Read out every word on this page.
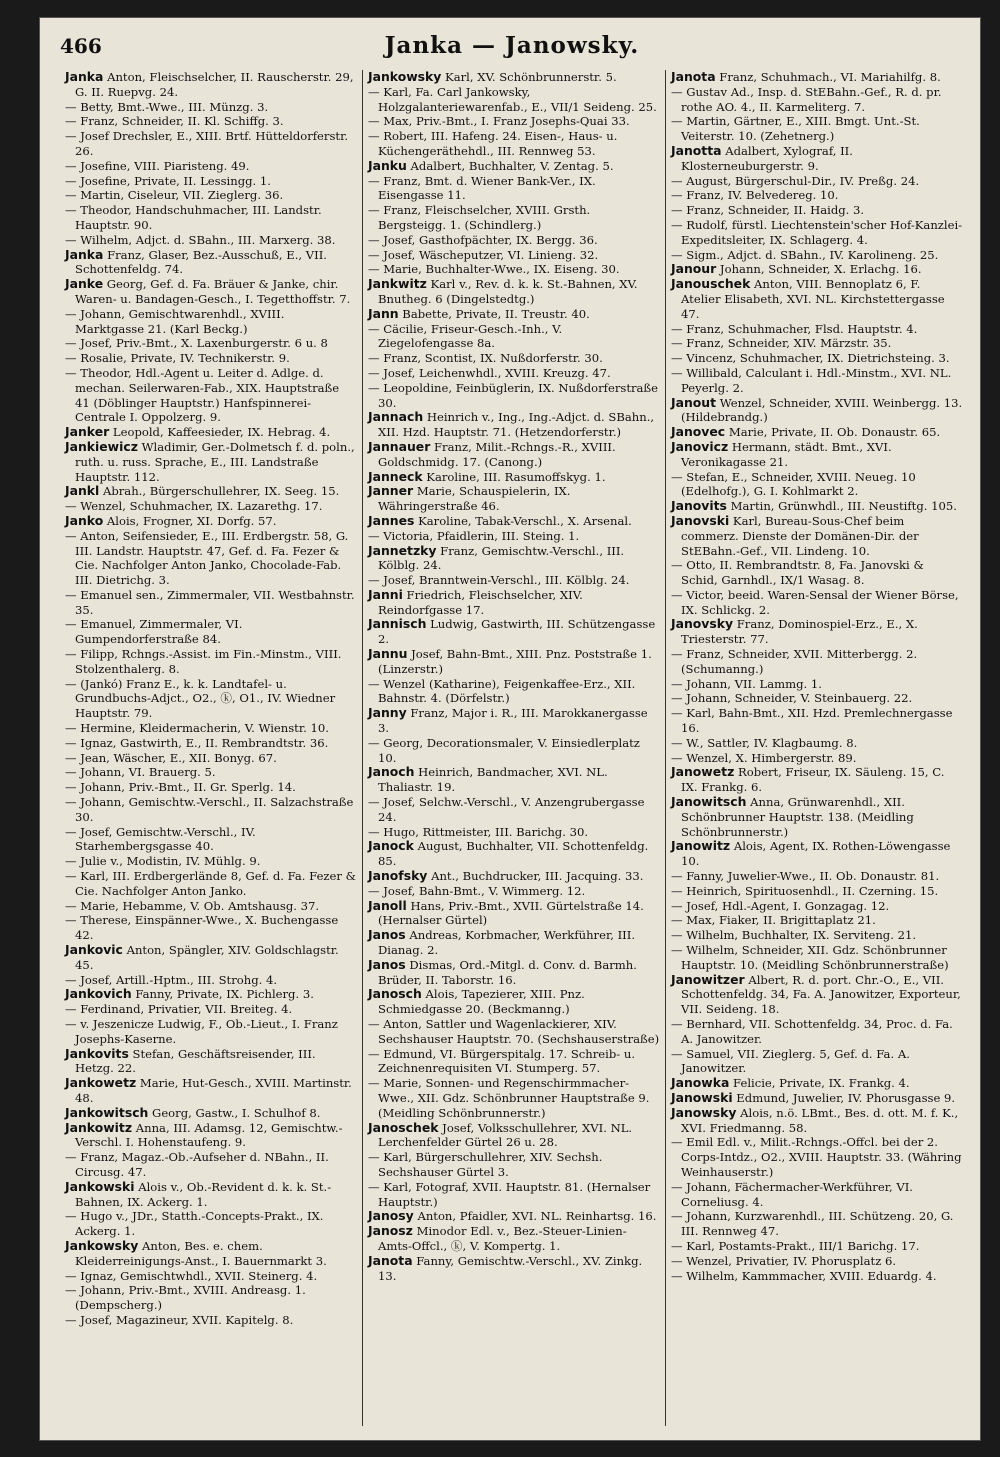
466	Janka — Janowsky.
Janka Anton, Fleischselcher, II. Rauscherstr. 29, G. II. Ruepvg. 24.
— Betty, Bmt.-Wwe., III. Münzg. 3.
— Franz, Schneider, II. Kl. Schiffg. 3.
— Josef Drechsler, E., XIII. Brtf. Hütteldorferstr. 26.
— Josefine, VIII. Piaristeng. 49.
— Josefine, Private, II. Lessingg. 1.
— Martin, Ciseleur, VII. Zieglerg. 36.
— Theodor, Handschuhmacher, III. Landstr. Hauptstr. 90.
— Wilhelm, Adjct. d. SBahn., III. Marxerg. 38.
Janka Franz, Glaser, Bez.-Ausschuß, E., VII. Schottenfeldg. 74.
Janke Georg, Gef. d. Fa. Bräuer & Janke, chir. Waren- u. Bandagen-Gesch., I. Tegetthoffstr. 7.
— Johann, Gemischtwarenhdl., XVIII. Marktgasse 21. (Karl Beckg.)
— Josef, Priv.-Bmt., X. Laxenburgerstr. 6 u. 8
— Rosalie, Private, IV. Technikerstr. 9.
— Theodor, Hdl.-Agent u. Leiter d. Adlge. d. mechan. Seilerwaren-Fab., XIX. Hauptstraße 41 (Döblinger Hauptstr.) Hanfspinnerei-Centrale I. Oppolzerg. 9.
Janker Leopold, Kaffeesieder, IX. Hebrag. 4.
Jankiewicz Wladimir, Ger.-Dolmetsch f. d. poln., ruth. u. russ. Sprache, E., III. Landstraße Hauptstr. 112.
Jankl Abrah., Bürgerschullehrer, IX. Seeg. 15.
— Wenzel, Schuhmacher, IX. Lazarethg. 17.
Janko Alois, Frogner, XI. Dorfg. 57.
— Anton, Seifensieder, E., III. Erdbergstr. 58, G. III. Landstr. Hauptstr. 47, Gef. d. Fa. Fezer & Cie. Nachfolger Anton Janko, Chocolade-Fab. III. Dietrichg. 3.
— Emanuel sen., Zimmermaler, VII. Westbahnstr. 35.
— Emanuel, Zimmermaler, VI. Gumpendorferstraße 84.
— Filipp, Rchngs.-Assist. im Fin.-Minstm., VIII. Stolzenthalerg. 8.
— (Jankó) Franz E., k. k. Landtafel- u. Grundbuchs-Adjct., O2., ⓚ, O1., IV. Wiedner Hauptstr. 79.
— Hermine, Kleidermacherin, V. Wienstr. 10.
— Ignaz, Gastwirth, E., II. Rembrandtstr. 36.
— Jean, Wäscher, E., XII. Bonyg. 67.
— Johann, VI. Brauerg. 5.
— Johann, Priv.-Bmt., II. Gr. Sperlg. 14.
— Johann, Gemischtw.-Verschl., II. Salzachstraße 30.
— Josef, Gemischtw.-Verschl., IV. Starhembergsgasse 40.
— Julie v., Modistin, IV. Mühlg. 9.
— Karl, III. Erdbergerlände 8, Gef. d. Fa. Fezer & Cie. Nachfolger Anton Janko.
— Marie, Hebamme, V. Ob. Amtshausg. 37.
— Therese, Einspänner-Wwe., X. Buchengasse 42.
Jankovic Anton, Spängler, XIV. Goldschlagstr. 45.
— Josef, Artill.-Hptm., III. Strohg. 4.
Jankovich Fanny, Private, IX. Pichlerg. 3.
— Ferdinand, Privatier, VII. Breiteg. 4.
— v. Jeszenicze Ludwig, F., Ob.-Lieut., I. Franz Josephs-Kaserne.
Jankovits Stefan, Geschäftsreisender, III. Hetzg. 22.
Jankowetz Marie, Hut-Gesch., XVIII. Martinstr. 48.
Jankowitsch Georg, Gastw., I. Schulhof 8.
Jankowitz Anna, III. Adamsg. 12, Gemischtw.-Verschl. I. Hohenstaufeng. 9.
— Franz, Magaz.-Ob.-Aufseher d. NBahn., II. Circusg. 47.
Jankowski Alois v., Ob.-Revident d. k. k. St.-Bahnen, IX. Ackerg. 1.
— Hugo v., JDr., Statth.-Concepts-Prakt., IX. Ackerg. 1.
Jankowsky Anton, Bes. e. chem. Kleiderreinigungs-Anst., I. Bauernmarkt 3.
— Ignaz, Gemischtwhdl., XVII. Steinerg. 4.
— Johann, Priv.-Bmt., XVIII. Andreasg. 1. (Dempscherg.)
— Josef, Magazineur, XVII. Kapitelg. 8.
Jankowsky Karl, XV. Schönbrunnerstr. 5.
— Karl, Fa. Carl Jankowsky, Holzgalanteriewarenfab., E., VII/1 Seideng. 25.
— Max, Priv.-Bmt., I. Franz Josephs-Quai 33.
— Robert, III. Hafeng. 24. Eisen-, Haus- u. Küchengeräthehdl., III. Rennweg 53.
Janku Adalbert, Buchhalter, V. Zentag. 5.
— Franz, Bmt. d. Wiener Bank-Ver., IX. Eisengasse 11.
— Franz, Fleischselcher, XVIII. Grsth. Bergsteigg. 1. (Schindlerg.)
— Josef, Gasthofpächter, IX. Bergg. 36.
— Josef, Wäscheputzer, VI. Linieng. 32.
— Marie, Buchhalter-Wwe., IX. Eiseng. 30.
Jankwitz Karl v., Rev. d. k. k. St.-Bahnen, XV. Bnutheg. 6 (Dingelstedtg.)
Jann Babette, Private, II. Treustr. 40.
— Cäcilie, Friseur-Gesch.-Inh., V. Ziegelofengasse 8a.
— Franz, Scontist, IX. Nußdorferstr. 30.
— Josef, Leichenwhdl., XVIII. Kreuzg. 47.
— Leopoldine, Feinbüglerin, IX. Nußdorferstraße 30.
Jannach Heinrich v., Ing., Ing.-Adjct. d. SBahn., XII. Hzd. Hauptstr. 71. (Hetzendorferstr.)
Jannauer Franz, Milit.-Rchngs.-R., XVIII. Goldschmidg. 17. (Canong.)
Janneck Karoline, III. Rasumoffskyg. 1.
Janner Marie, Schauspielerin, IX. Währingerstraße 46.
Jannes Karoline, Tabak-Verschl., X. Arsenal.
— Victoria, Pfaidlerin, III. Steing. 1.
Jannetzky Franz, Gemischtw.-Verschl., III. Kölblg. 24.
— Josef, Branntwein-Verschl., III. Kölblg. 24.
Janni Friedrich, Fleischselcher, XIV. Reindorfgasse 17.
Jannisch Ludwig, Gastwirth, III. Schützengasse 2.
Jannu Josef, Bahn-Bmt., XIII. Pnz. Poststraße 1. (Linzerstr.)
— Wenzel (Katharine), Feigenkaffee-Erz., XII. Bahnstr. 4. (Dörfelstr.)
Janny Franz, Major i. R., III. Marokkanergasse 3.
— Georg, Decorationsmaler, V. Einsiedlerplatz 10.
Janoch Heinrich, Bandmacher, XVI. NL. Thaliastr. 19.
— Josef, Selchw.-Verschl., V. Anzengrubergasse 24.
— Hugo, Rittmeister, III. Barichg. 30.
Janock August, Buchhalter, VII. Schottenfeldg. 85.
Janofsky Ant., Buchdrucker, III. Jacquing. 33.
— Josef, Bahn-Bmt., V. Wimmerg. 12.
Janoll Hans, Priv.-Bmt., XVII. Gürtelstraße 14. (Hernalser Gürtel)
Janos Andreas, Korbmacher, Werkführer, III. Dianag. 2.
Janos Dismas, Ord.-Mitgl. d. Conv. d. Barmh. Brüder, II. Taborstr. 16.
Janosch Alois, Tapezierer, XIII. Pnz. Schmiedgasse 20. (Beckmanng.)
— Anton, Sattler und Wagenlackierer, XIV. Sechshauser Hauptstr. 70. (Sechshauserstraße)
— Edmund, VI. Bürgerspitalg. 17. Schreib- u. Zeichnenrequisiten VI. Stumperg. 57.
— Marie, Sonnen- und Regenschirmmacher-Wwe., XII. Gdz. Schönbrunner Hauptstraße 9. (Meidling Schönbrunnerstr.)
Janoschek Josef, Volksschullehrer, XVI. NL. Lerchenfelder Gürtel 26 u. 28.
— Karl, Bürgerschullehrer, XIV. Sechsh. Sechshauser Gürtel 3.
— Karl, Fotograf, XVII. Hauptstr. 81. (Hernalser Hauptstr.)
Janosy Anton, Pfaidler, XVI. NL. Reinhartsg. 16.
Janosz Minodor Edl. v., Bez.-Steuer-Linien-Amts-Offcl., ⓚ, V. Kompertg. 1.
Janota Fanny, Gemischtw.-Verschl., XV. Zinkg. 13.
Janota Franz, Schuhmach., VI. Mariahilfg. 8.
— Gustav Ad., Insp. d. StEBahn.-Gef., R. d. pr. rothe AO. 4., II. Karmeliterg. 7.
— Martin, Gärtner, E., XIII. Bmgt. Unt.-St. Veiterstr. 10. (Zehetnerg.)
Janotta Adalbert, Xylograf, II. Klosterneuburgerstr. 9.
— August, Bürgerschul-Dir., IV. Preßg. 24.
— Franz, IV. Belvedereg. 10.
— Franz, Schneider, II. Haidg. 3.
— Rudolf, fürstl. Liechtenstein'scher Hof-Kanzlei-Expeditsleiter, IX. Schlagerg. 4.
— Sigm., Adjct. d. SBahn., IV. Karolineng. 25.
Janour Johann, Schneider, X. Erlachg. 16.
Janouschek Anton, VIII. Bennoplatz 6, F. Atelier Elisabeth, XVI. NL. Kirchstettergasse 47.
— Franz, Schuhmacher, Flsd. Hauptstr. 4.
— Franz, Schneider, XIV. Märzstr. 35.
— Vincenz, Schuhmacher, IX. Dietrichsteing. 3.
— Willibald, Calculant i. Hdl.-Minstm., XVI. NL. Peyerlg. 2.
Janout Wenzel, Schneider, XVIII. Weinbergg. 13. (Hildebrandg.)
Janovec Marie, Private, II. Ob. Donaustr. 65.
Janovicz Hermann, städt. Bmt., XVI. Veronikagasse 21.
— Stefan, E., Schneider, XVIII. Neueg. 10 (Edelhofg.), G. I. Kohlmarkt 2.
Janovits Martin, Grünwhdl., III. Neustiftg. 105.
Janovski Karl, Bureau-Sous-Chef beim commerz. Dienste der Domänen-Dir. der StEBahn.-Gef., VII. Lindeng. 10.
— Otto, II. Rembrandtstr. 8, Fa. Janovski & Schid, Garnhdl., IX/1 Wasag. 8.
— Victor, beeid. Waren-Sensal der Wiener Börse, IX. Schlickg. 2.
Janovsky Franz, Dominospiel-Erz., E., X. Triesterstr. 77.
— Franz, Schneider, XVII. Mitterbergg. 2. (Schumanng.)
— Johann, VII. Lammg. 1.
— Johann, Schneider, V. Steinbauerg. 22.
— Karl, Bahn-Bmt., XII. Hzd. Premlechnergasse 16.
— W., Sattler, IV. Klagbaumg. 8.
— Wenzel, X. Himbergerstr. 89.
Janowetz Robert, Friseur, IX. Säuleng. 15, C. IX. Frankg. 6.
Janowitsch Anna, Grünwarenhdl., XII. Schönbrunner Hauptstr. 138. (Meidling Schönbrunnerstr.)
Janowitz Alois, Agent, IX. Rothen-Löwengasse 10.
— Fanny, Juwelier-Wwe., II. Ob. Donaustr. 81.
— Heinrich, Spirituosenhdl., II. Czerning. 15.
— Josef, Hdl.-Agent, I. Gonzagag. 12.
— Max, Fiaker, II. Brigittaplatz 21.
— Wilhelm, Buchhalter, IX. Serviteng. 21.
— Wilhelm, Schneider, XII. Gdz. Schönbrunner Hauptstr. 10. (Meidling Schönbrunnerstraße)
Janowitzer Albert, R. d. port. Chr.-O., E., VII. Schottenfeldg. 34, Fa. A. Janowitzer, Exporteur, VII. Seideng. 18.
— Bernhard, VII. Schottenfeldg. 34, Proc. d. Fa. A. Janowitzer.
— Samuel, VII. Zieglerg. 5, Gef. d. Fa. A. Janowitzer.
Janowka Felicie, Private, IX. Frankg. 4.
Janowski Edmund, Juwelier, IV. Phorusgasse 9.
Janowsky Alois, n.ö. LBmt., Bes. d. ott. M. f. K., XVI. Friedmanng. 58.
— Emil Edl. v., Milit.-Rchngs.-Offcl. bei der 2. Corps-Intdz., O2., XVIII. Hauptstr. 33. (Währing Weinhauserstr.)
— Johann, Fächermacher-Werkführer, VI. Corneliusg. 4.
— Johann, Kurzwarenhdl., III. Schützeng. 20, G. III. Rennweg 47.
— Karl, Postamts-Prakt., III/1 Barichg. 17.
— Wenzel, Privatier, IV. Phorusplatz 6.
— Wilhelm, Kammmacher, XVIII. Eduardg. 4.
